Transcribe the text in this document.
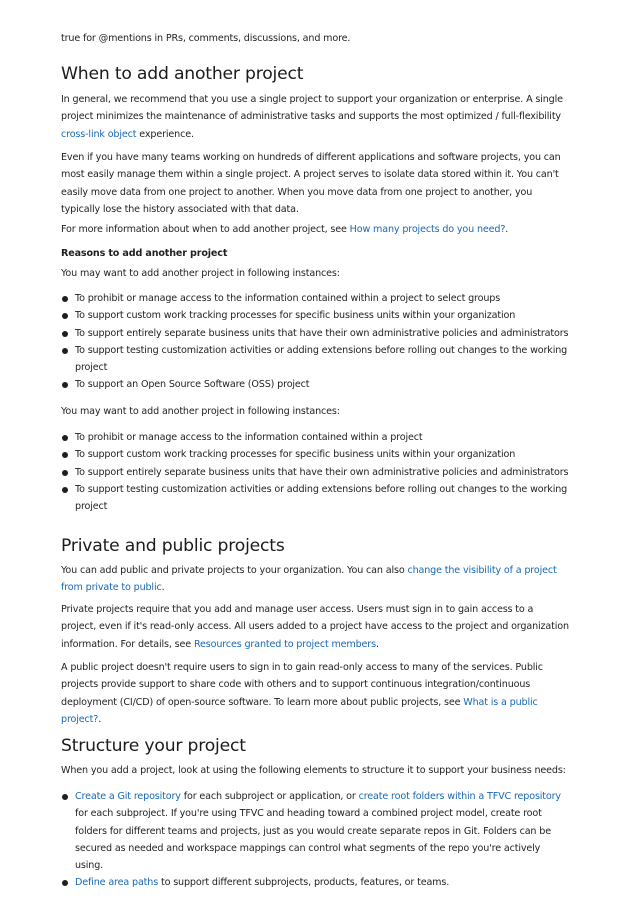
true for @mentions in PRs, comments, discussions, and more.

When to add another project

In general, we recommend that you use a single project to support your organization or enterprise. A single project minimizes the maintenance of administrative tasks and supports the most optimized / full-flexibility cross-link object experience.

Even if you have many teams working on hundreds of different applications and software projects, you can most easily manage them within a single project. A project serves to isolate data stored within it. You can't easily move data from one project to another. When you move data from one project to another, you typically lose the history associated with that data.

For more information about when to add another project, see How many projects do you need?.

Reasons to add another project

You may want to add another project in following instances:

To prohibit or manage access to the information contained within a project to select groups
To support custom work tracking processes for specific business units within your organization
To support entirely separate business units that have their own administrative policies and administrators
To support testing customization activities or adding extensions before rolling out changes to the working project
To support an Open Source Software (OSS) project

You may want to add another project in following instances:

To prohibit or manage access to the information contained within a project
To support custom work tracking processes for specific business units within your organization
To support entirely separate business units that have their own administrative policies and administrators
To support testing customization activities or adding extensions before rolling out changes to the working project
Private and public projects

You can add public and private projects to your organization. You can also change the visibility of a project from private to public.

Private projects require that you add and manage user access. Users must sign in to gain access to a project, even if it's read-only access. All users added to a project have access to the project and organization information. For details, see Resources granted to project members.

A public project doesn't require users to sign in to gain read-only access to many of the services. Public projects provide support to share code with others and to support continuous integration/continuous deployment (CI/CD) of open-source software. To learn more about public projects, see What is a public project?.

Structure your project

When you add a project, look at using the following elements to structure it to support your business needs:

Create a Git repository for each subproject or application, or create root folders within a TFVC repository for each subproject. If you're using TFVC and heading toward a combined project model, create root folders for different teams and projects, just as you would create separate repos in Git. Folders can be secured as needed and workspace mappings can control what segments of the repo you're actively using.
Define area paths to support different subprojects, products, features, or teams.
